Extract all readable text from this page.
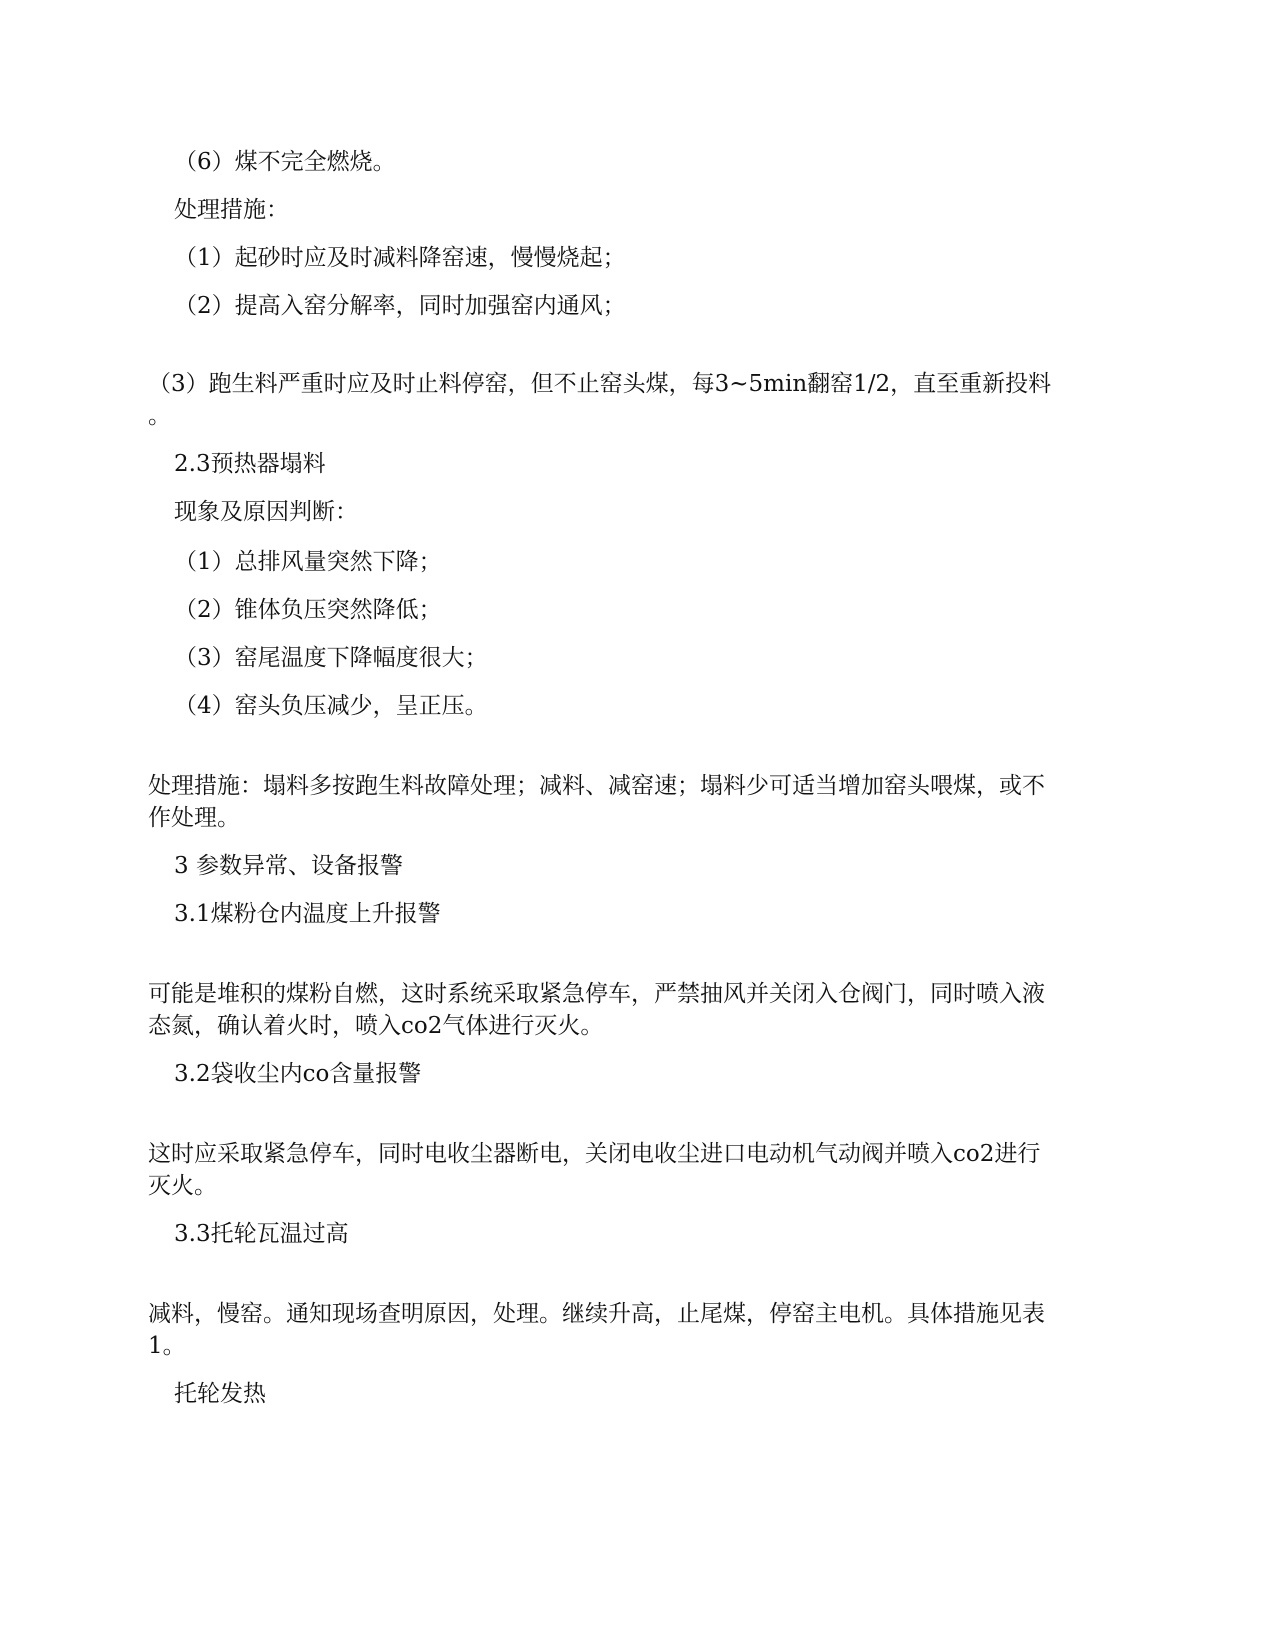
（6）煤不完全燃烧。

处理措施：

（1）起砂时应及时减料降窑速，慢慢烧起；

（2）提高入窑分解率，同时加强窑内通风；

（3）跑生料严重时应及时止料停窑，但不止窑头煤，每3~5min翻窑1/2，直至重新投料

。

2.3预热器塌料

现象及原因判断：

（1）总排风量突然下降；

（2）锥体负压突然降低；

（3）窑尾温度下降幅度很大；

（4）窑头负压减少，呈正压。

处理措施：塌料多按跑生料故障处理；减料、减窑速；塌料少可适当增加窑头喂煤，或不

作处理。

3 参数异常、设备报警

3.1煤粉仓内温度上升报警

可能是堆积的煤粉自燃，这时系统采取紧急停车，严禁抽风并关闭入仓阀门，同时喷入液

态氮，确认着火时，喷入co2气体进行灭火。

3.2袋收尘内co含量报警

这时应采取紧急停车，同时电收尘器断电，关闭电收尘进口电动机气动阀并喷入co2进行

灭火。

3.3托轮瓦温过高

减料，慢窑。通知现场查明原因，处理。继续升高，止尾煤，停窑主电机。具体措施见表

1。

托轮发热
